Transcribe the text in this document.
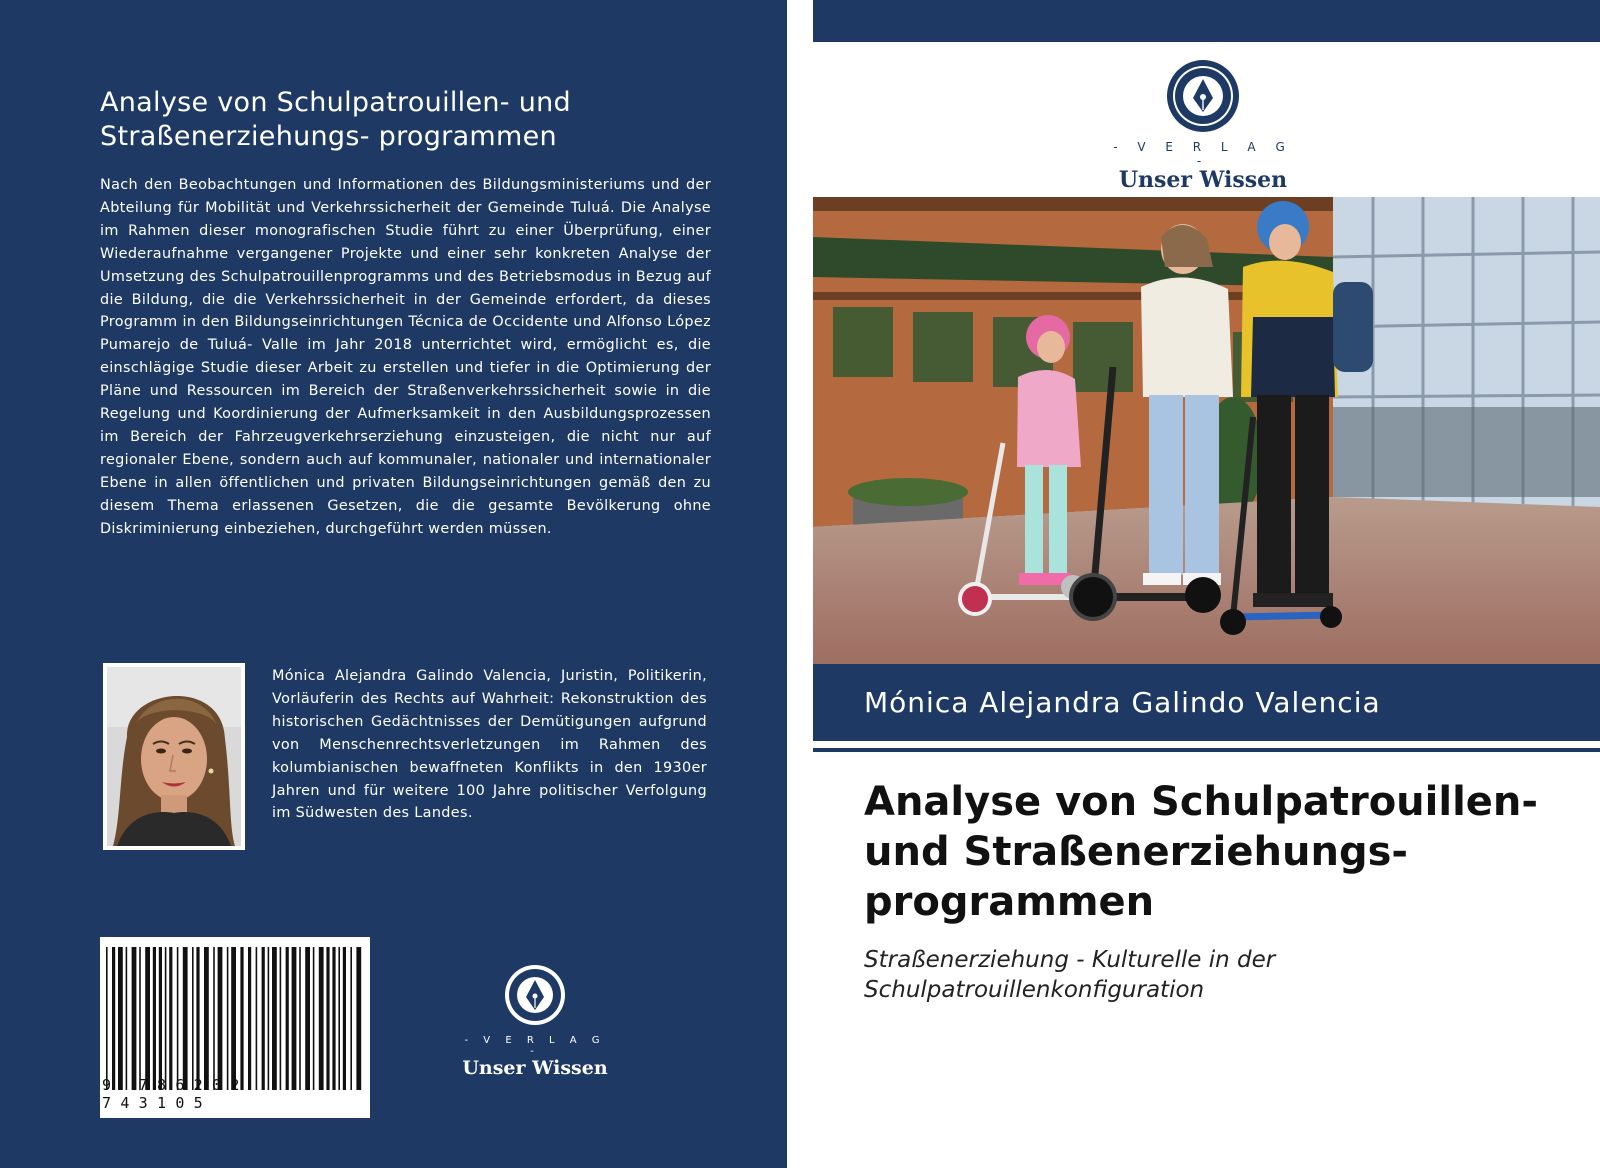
Analyse von Schulpatrouillen- und
Straßenerziehungs- programmen

Nach den Beobachtungen und Informationen des Bildungsministeriums und der Abteilung für Mobilität und Verkehrssicherheit der Gemeinde Tuluá. Die Analyse im Rahmen dieser monografischen Studie führt zu einer Überprüfung, einer Wiederaufnahme vergangener Projekte und einer sehr konkreten Analyse der Umsetzung des Schulpatrouillenprogramms und des Betriebsmodus in Bezug auf die Bildung, die die Verkehrssicherheit in der Gemeinde erfordert, da dieses Programm in den Bildungseinrichtungen Técnica de Occidente und Alfonso López Pumarejo de Tuluá- Valle im Jahr 2018 unterrichtet wird, ermöglicht es, die einschlägige Studie dieser Arbeit zu erstellen und tiefer in die Optimierung der Pläne und Ressourcen im Bereich der Straßenverkehrssicherheit sowie in die Regelung und Koordinierung der Aufmerksamkeit in den Ausbildungsprozessen im Bereich der Fahrzeugverkehrserziehung einzusteigen, die nicht nur auf regionaler Ebene, sondern auch auf kommunaler, nationaler und internationaler Ebene in allen öffentlichen und privaten Bildungseinrichtungen gemäß den zu diesem Thema erlassenen Gesetzen, die die gesamte Bevölkerung ohne Diskriminierung einbeziehen, durchgeführt werden müssen.

Mónica Alejandra Galindo Valencia, Juristin, Politikerin, Vorläuferin des Rechts auf Wahrheit: Rekonstruktion des historischen Gedächtnisses der Demütigungen aufgrund von Menschenrechtsverletzungen im Rahmen des kolumbianischen bewaffneten Konflikts in den 1930er Jahren und für weitere 100 Jahre politischer Verfolgung im Südwesten des Landes.

9 786202 743105
- V E R L A G -
Unser Wissen
- V E R L A G -
Unser Wissen
Mónica Alejandra Galindo Valencia
Analyse von Schulpatrouillen-
und Straßenerziehungs-
programmen

Straßenerziehung - Kulturelle in der
Schulpatrouillenkonfiguration
